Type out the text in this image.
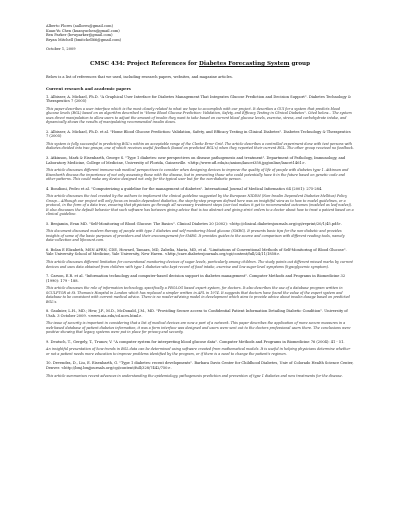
Alberto Flores (aallores@gmail.com)
Kuan-Yu Chen (kuanyuchen@gmail.com)
Ben Parker (bewparker@gmail.com)
Bryan Mitchell (bmitchell66@gmail.com)
October 1, 2009
CMSC 434: Project References for Diabetes Forecasting System group
Below is a list of references that we used, including research papers, websites, and magazine articles.
Current research and academic papers
1. Albisser, A. Michael, Ph.D. "A Graphical User Interface for Diabetes Management That Integrates Glucose Prediction and Decision Support". Diabetes Technology & Therapeutics 7 (2005)
This paper describes a user interface which is the most closely related to what we hope to accomplish with our project. It describes a GUI for a system that predicts blood glucose levels (BGL) based on an algorithm described in "Home Blood Glucose Prediction: Validation, Safety, and Efficacy Testing in Clinical Diabetes". Cited below... The system uses direct manipulation to allow users to adjust the amount of insulin they want to take based on current blood glucose levels, exercise, stress, and carbohydrate intake, and dynamically shows the results of manipulating recommended insulin doses.
2. Albisser, A. Michael, Ph.D. et al. "Home Blood Glucose Prediction: Validation, Safety, and Efficacy Testing in Clinical Diabetes". Diabetes Technology & Therapeutics 7 (2005)
This system is fully successful in predicting BGL's within an acceptable range of the Clarke Error Grid. The article describes a controlled experiment done with test persons with diabetes divided into two groups, one of which receives useful feedback (based on predicted BGL's) when they reported their current BGL. The other group received no feedback.
3. Atkinson, Mark & Eisenbarth, George S. "Type 1 diabetes: new perspectives on disease pathogenesis and treatment". Department of Pathology, Immunology, and Laboratory Medicine, College of Medicine, University of Florida, Gainesville. <http://www.ufl.edu/ac/axiom/lancet358.jpg/online/lancet1461>.
This article discusses different immuno-sub medical perspectives to consider when designing devices to improve the quality of life of people with diabetes type 1. Atkinson and Eisenbarth discuss the importance of not only assessing those with the disease, but in preventing those who could potentially have it in the future based on genetic code and other patterns. This could make any device designed not only for the typical user but for the non-diabetic person.
4. Bondioni, Pedro et al. "Computerizing a guideline for the management of diabetes". International Journal of Medical Informatics 64 (2001): 275-284.
This article discusses the tool created by the authors to implement the clinical guideline suggested by the European NIDDM (Non-Insulin Dependent Diabetes Mellitus) Policy Group... Although our project will only focus on insulin dependent diabetics, the step-by-step program defined here was an insightful view as to how to model guidelines, or a protocol, in the form of a data tree, ensuring that physicians go through all necessary treatment steps (our tool makes it get to recommended outcomes (modeled as leaf nodes)). It also discusses the default behavior that such software has between giving advice that is too abstract and giving strict orders to a doctor about how to treat a patient based on a clinical guideline.
5. Benjamin, Evan MD. "Self-Monitoring of Blood Glucose: The Basics". Clinical Diabetes 20 (2002): <http://clinical.diabetesjournals.org/cgi/reprint/20/1/45.pdf>.
This document discussed modern therapy of people with type 1 diabetes and self-monitoring blood glucose (SMBG). It presents basic tips for the non-diabetic and provides insights of some of the basic purposes of providers and their encouragement for SMBG. It provides guides to the source and comparison with different reading tools, namely data-collection and lifecount.com.
6. Bolan E Elizabeth, MSN APRN, CDE, Howard, Tamara, MD, Zabelia, Maria, MD, et al. "Limitations of Conventional Methods of Self-Monitoring of Blood Glucose". Yale University School of Medicine, Yale University, New Haven. <http://care.diabetesjournals.org/cgi/content/full/24/11/1858>.
This article discusses different limitation for conventional monitoring devices of sugar levels, particularly among children. The study points out different missed marks by current devices and uses data obtained from children with type 1 diabetes who kept record of food intake, exercise and low sugar level symptoms (hypoglycemic symptom).
7. Carson, E.R. et al. "Information technology and computer-based decision support in diabetes management". Computer Methods and Programs in Biomedicine 32 (1990): 179 - 188.
This article discusses the role of information technology, specifically a PROLOG based expert system, for doctors. It also describes the use of a database program written in SCULPTOR at St. Thomas's Hospital in London which has replaced a simpler written in APL in 1974. It suggests that doctors have found the value of the expert system and database to be consistent with current medical advice. There is no reader advising model in development which aims to provide advice about insulin dosage based on predicted BGL's.
8. Gaulnier, L.H., MD.; Hew, J.F., M.D., McDonald, J.M., MD. "Providing Secure access to Confidential Patient Information Detailing Diabetic Condition". University of Utah. 3 October 2009. <www.uia.edu/cd.ucrs.html>.
The issue of security is important in considering that a list of medical devices are now a part of a network. This paper describes the application of more secure measures in a web-based database of patient diabetes information, it was a form interface was designed and users were sent out to the doctors professional users there. The conclusions were positive showing that legacy systems were put in place for privacy and security.
9. Deutsch, T., Gergely, T., Trunov, V. "A computer system for interpreting blood glucose data". Computer Methods and Programs in Biomedicine 76 (2004): 41 - 51.
An insightful presentation of how trends in BGL data can be determined using software created from mathematical models. It is useful in helping physicians determine whether or not a patient needs more education to improve problems identified by the program, or if there is a need to change the patient's regimen.
10. Devendra, D., Liu, E. Eisenbarth, G. "Type 1 diabetes: recent developments". Barbara Davis Center for Childhood Diabetes, Univ of Colorado Health Science Center, Denver. <http://bmj.bmjjournals.org/cgi/content/full/328/7442/750>.
This article summarizes recent advances in understanding the epidemiology, pathogenesis prediction and prevention of type 1 diabetes and new treatments for the disease.
